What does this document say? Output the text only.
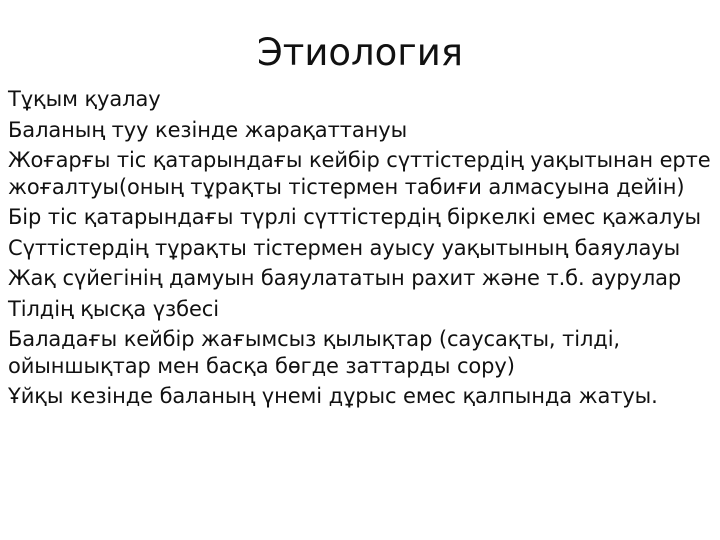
Этиология
Тұқым қуалау
Баланың туу кезінде жарақаттануы
Жоғарғы тіс қатарындағы кейбір сүттістердің уақытынан ерте жоғалтуы(оның тұрақты тістермен табиғи алмасуына дейін)
Бір тіс қатарындағы түрлі сүттістердің біркелкі емес қажалуы
Сүттістердің тұрақты тістермен ауысу уақытының баяулауы
Жақ сүйегінің дамуын баяулататын рахит және т.б. аурулар
Тілдің қысқа үзбесі
Баладағы кейбір жағымсыз қылықтар (саусақты, тілді, ойыншықтар мен басқа бөгде заттарды сору)
Ұйқы кезінде баланың үнемі дұрыс емес қалпында жатуы.
